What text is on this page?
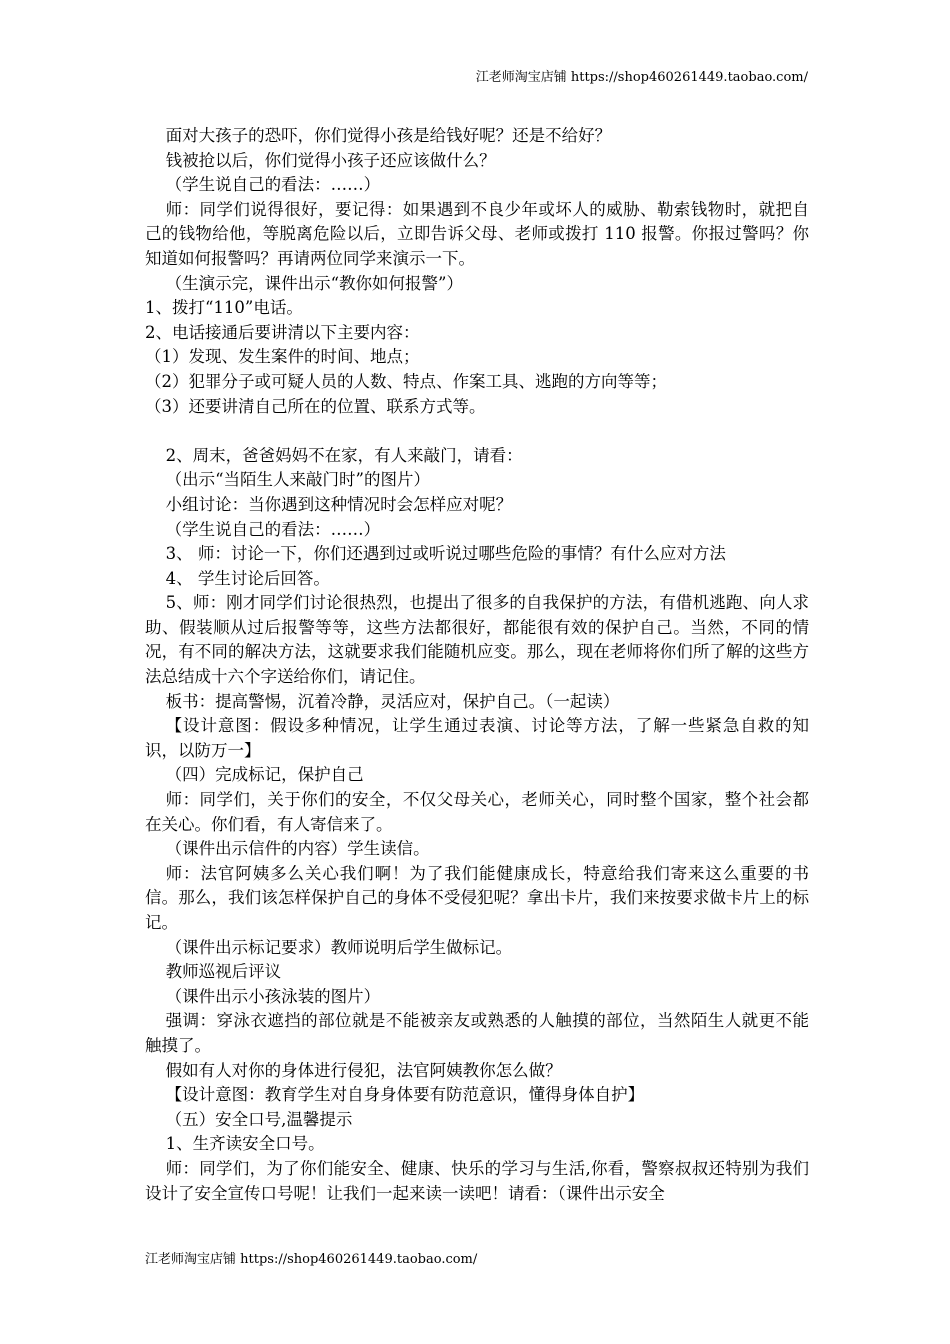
江老师淘宝店铺 https://shop460261449.taobao.com/

面对大孩子的恐吓，你们觉得小孩是给钱好呢？还是不给好？

钱被抢以后，你们觉得小孩子还应该做什么？

（学生说自己的看法：……）

师：同学们说得很好，要记得：如果遇到不良少年或坏人的威胁、勒索钱物时，就把自己的钱物给他，等脱离危险以后，立即告诉父母、老师或拨打 110 报警。你报过警吗？你知道如何报警吗？再请两位同学来演示一下。

（生演示完，课件出示“教你如何报警”）

1、拨打“110”电话。

2、电话接通后要讲清以下主要内容：

（1）发现、发生案件的时间、地点；

（2）犯罪分子或可疑人员的人数、特点、作案工具、逃跑的方向等等；

（3）还要讲清自己所在的位置、联系方式等。

2、周末，爸爸妈妈不在家，有人来敲门，请看：

（出示“当陌生人来敲门时”的图片）

小组讨论：当你遇到这种情况时会怎样应对呢？

（学生说自己的看法：……）

3、 师：讨论一下，你们还遇到过或听说过哪些危险的事情？有什么应对方法

4、 学生讨论后回答。

5、师：刚才同学们讨论很热烈，也提出了很多的自我保护的方法，有借机逃跑、向人求助、假装顺从过后报警等等，这些方法都很好，都能很有效的保护自己。当然，不同的情况，有不同的解决方法，这就要求我们能随机应变。那么，现在老师将你们所了解的这些方法总结成十六个字送给你们，请记住。

板书：提高警惕，沉着冷静，灵活应对，保护自己。（一起读）

【设计意图：假设多种情况，让学生通过表演、讨论等方法，了解一些紧急自救的知识，以防万一】

（四）完成标记，保护自己

师：同学们，关于你们的安全，不仅父母关心，老师关心，同时整个国家，整个社会都在关心。你们看，有人寄信来了。

（课件出示信件的内容）学生读信。

师：法官阿姨多么关心我们啊！为了我们能健康成长，特意给我们寄来这么重要的书信。那么，我们该怎样保护自己的身体不受侵犯呢？拿出卡片，我们来按要求做卡片上的标记。

（课件出示标记要求）教师说明后学生做标记。

教师巡视后评议

（课件出示小孩泳装的图片）

强调：穿泳衣遮挡的部位就是不能被亲友或熟悉的人触摸的部位，当然陌生人就更不能触摸了。

假如有人对你的身体进行侵犯，法官阿姨教你怎么做？

【设计意图：教育学生对自身身体要有防范意识，懂得身体自护】

（五）安全口号,温馨提示

1、生齐读安全口号。

师：同学们，为了你们能安全、健康、快乐的学习与生活,你看，警察叔叔还特别为我们设计了安全宣传口号呢！让我们一起来读一读吧！请看：（课件出示安全

江老师淘宝店铺 https://shop460261449.taobao.com/
